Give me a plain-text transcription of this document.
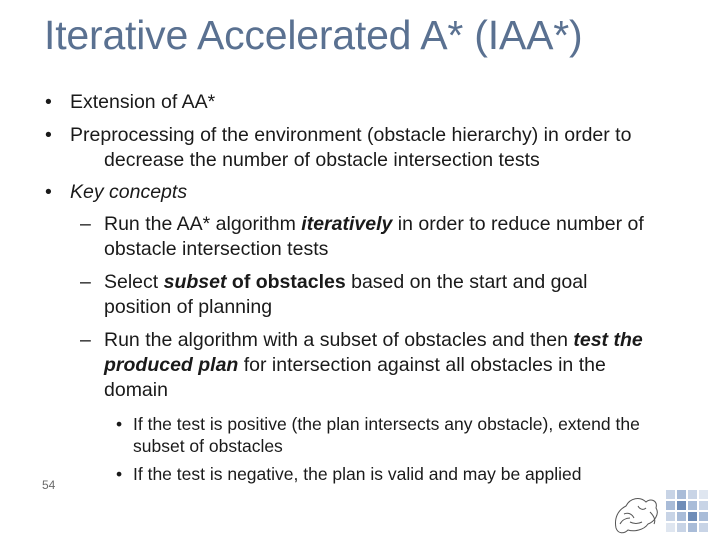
Iterative Accelerated A* (IAA*)
• Extension of AA*
• Preprocessing of the environment (obstacle hierarchy) in order to
decrease the number of obstacle intersection tests
• Key concepts
– Run the AA* algorithm iteratively in order to reduce number of
obstacle intersection tests
– Select subset of obstacles based on the start and goal
position of planning
– Run the algorithm with a subset of obstacles and then test the
produced plan for intersection against all obstacles in the
domain
• If the test is positive (the plan intersects any obstacle), extend the
subset of obstacles
• If the test is negative, the plan is valid and may be applied
54
